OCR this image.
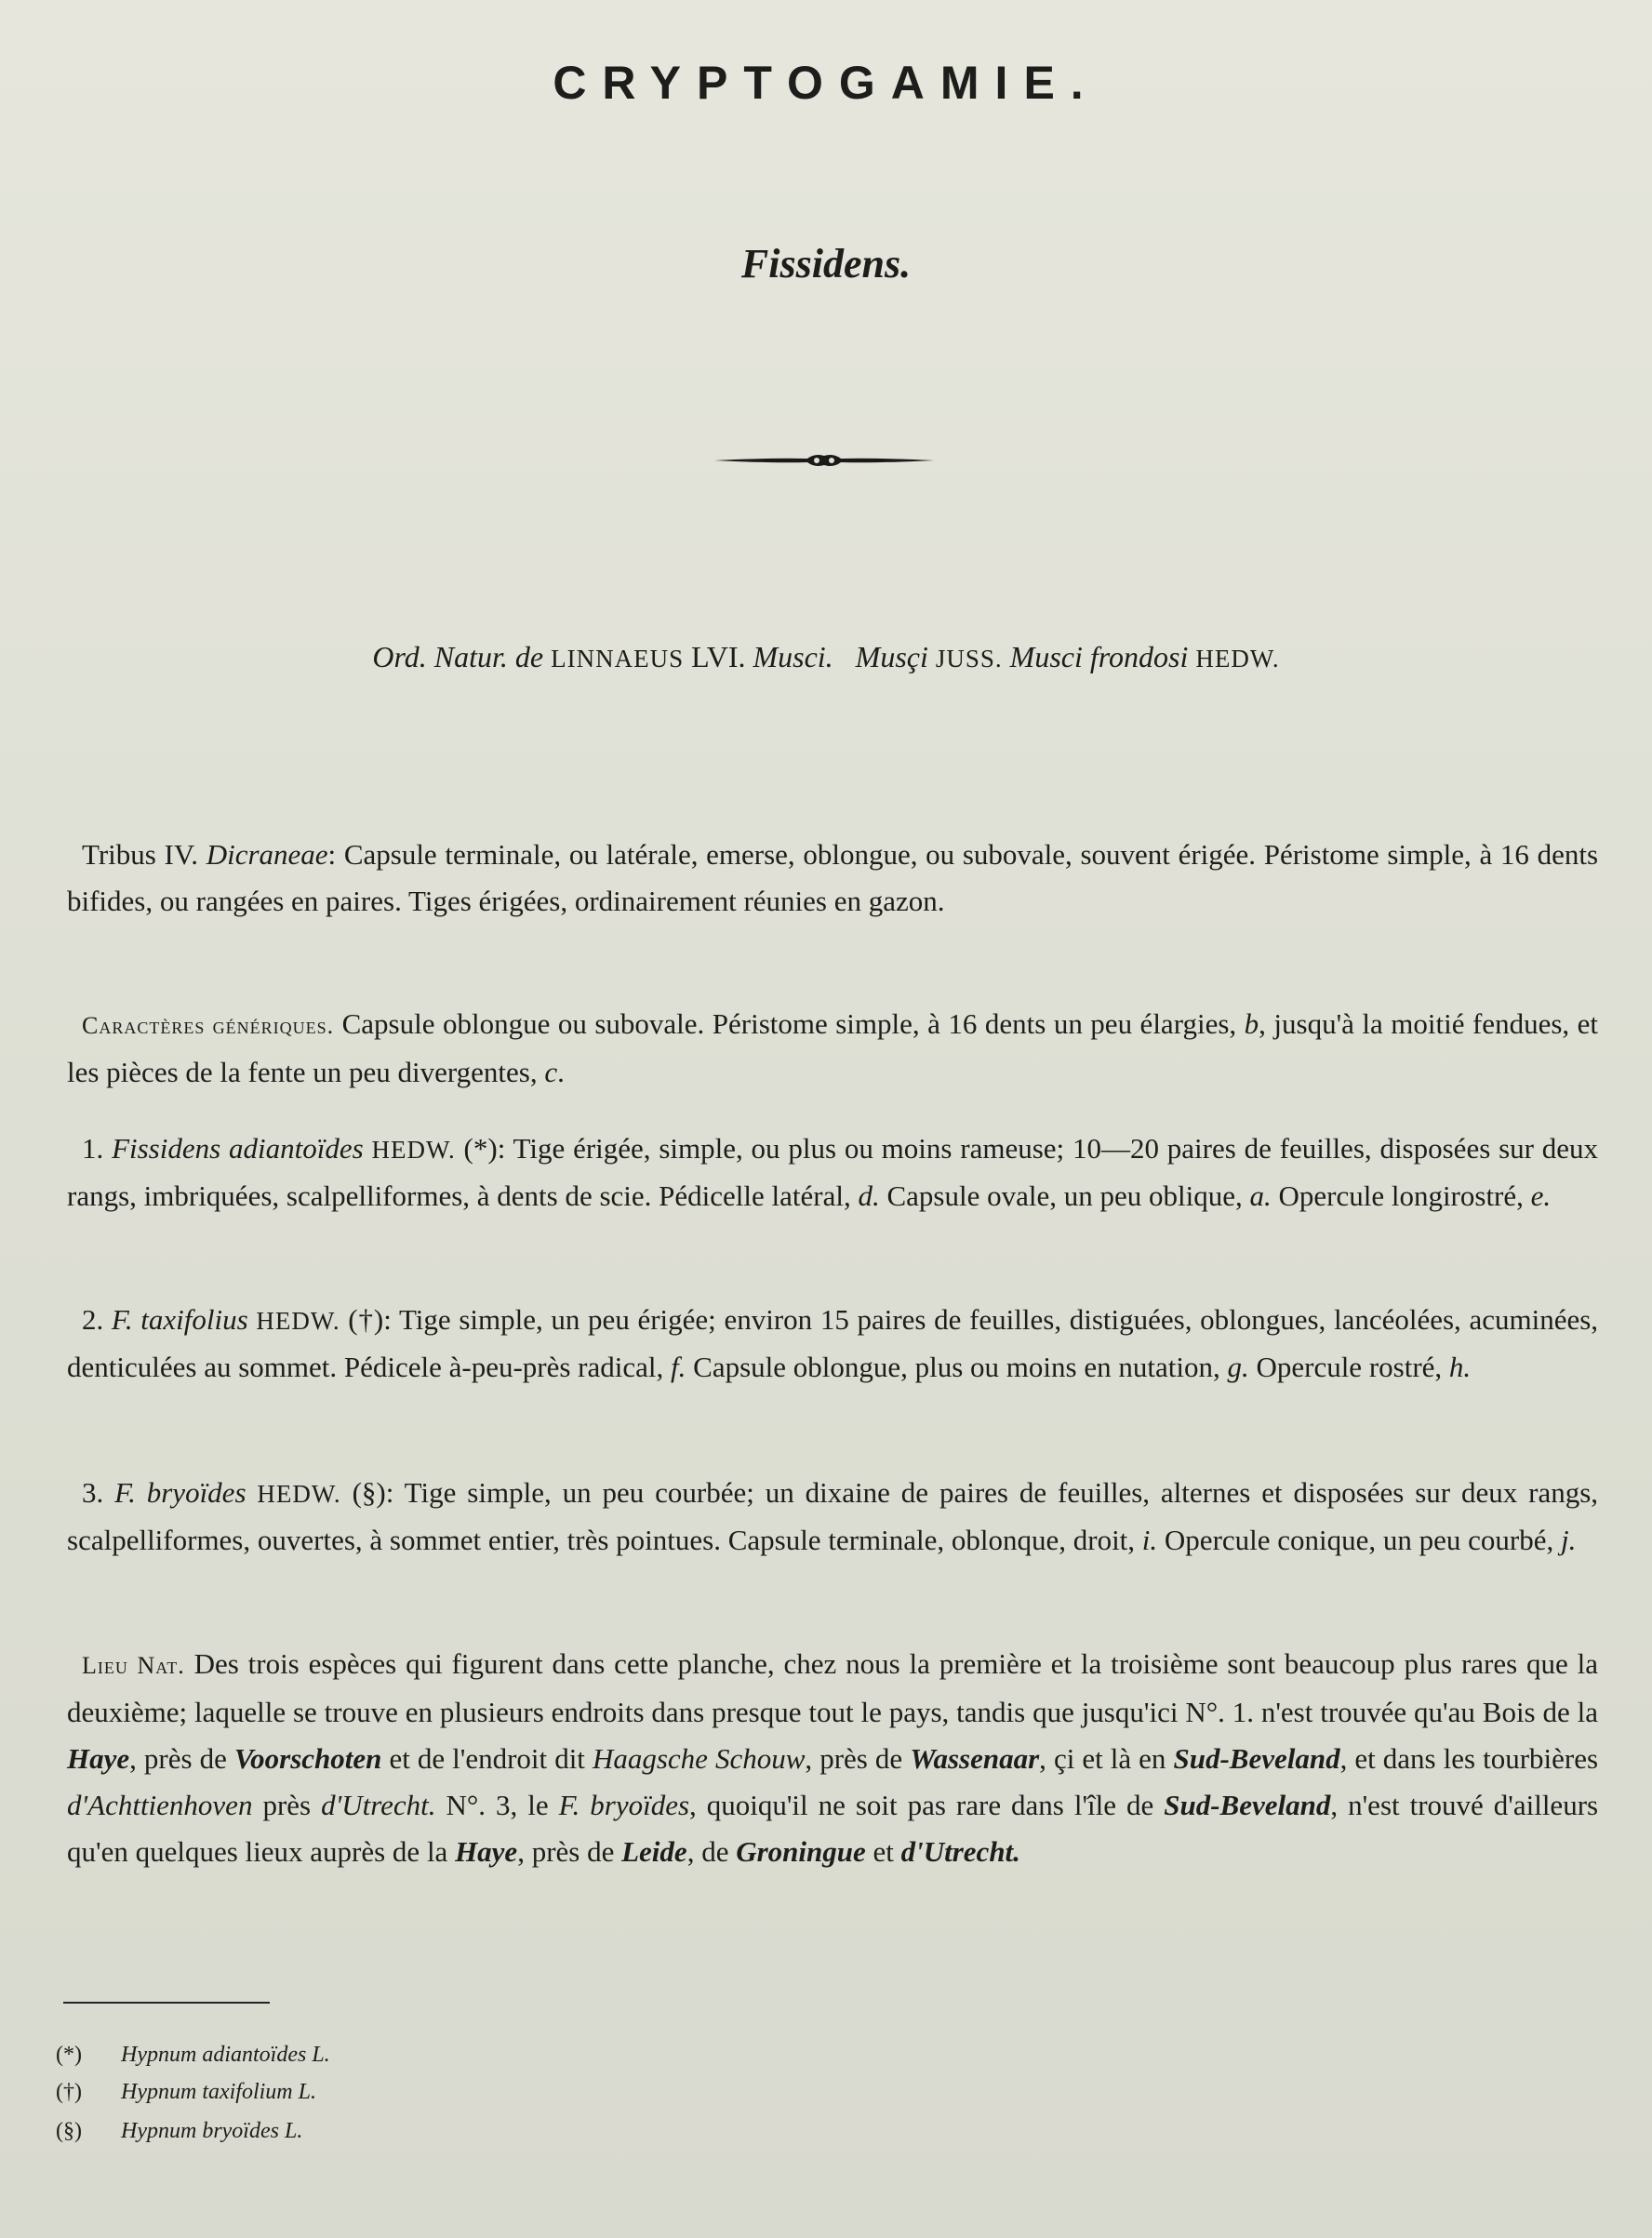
CRYPTOGAMIE.
Fissidens.

Ord. Natur. de LINNAEUS LVI. Musci. Musçi JUSS. Musci frondosi HEDW.

Tribus IV. Dicraneae: Capsule terminale, ou latérale, emerse, oblongue, ou subovale, souvent érigée. Péristome simple, à 16 dents bifides, ou rangées en paires. Tiges érigées, ordinairement réunies en gazon.

Caractères génériques. Capsule oblongue ou subovale. Péristome simple, à 16 dents un peu élargies, b, jusqu'à la moitié fendues, et les pièces de la fente un peu divergentes, c.

1. Fissidens adiantoïdes HEDW. (*): Tige érigée, simple, ou plus ou moins rameuse; 10—20 paires de feuilles, disposées sur deux rangs, imbriquées, scalpelliformes, à dents de scie. Pédicelle latéral, d. Capsule ovale, un peu oblique, a. Opercule longirostré, e.

2. F. taxifolius HEDW. (†): Tige simple, un peu érigée; environ 15 paires de feuilles, distiguées, oblongues, lancéolées, acuminées, denticulées au sommet. Pédicele à-peu-près radical, f. Capsule oblongue, plus ou moins en nutation, g. Opercule rostré, h.

3. F. bryoïdes HEDW. (§): Tige simple, un peu courbée; un dixaine de paires de feuilles, alternes et disposées sur deux rangs, scalpelliformes, ouvertes, à sommet entier, très pointues. Capsule terminale, oblonque, droit, i. Opercule conique, un peu courbé, j.

Lieu Nat. Des trois espèces qui figurent dans cette planche, chez nous la première et la troisième sont beaucoup plus rares que la deuxième; laquelle se trouve en plusieurs endroits dans presque tout le pays, tandis que jusqu'ici N°. 1. n'est trouvée qu'au Bois de la Haye, près de Voorschoten et de l'endroit dit Haagsche Schouw, près de Wassenaar, çi et là en Sud-Beveland, et dans les tourbières d'Achttienhoven près d'Utrecht. N°. 3, le F. bryoïdes, quoiqu'il ne soit pas rare dans l'île de Sud-Beveland, n'est trouvé d'ailleurs qu'en quelques lieux auprès de la Haye, près de Leide, de Groningue et d'Utrecht.

(*) Hypnum adiantoïdes L.

(†) Hypnum taxifolium L.

(§) Hypnum bryoïdes L.
